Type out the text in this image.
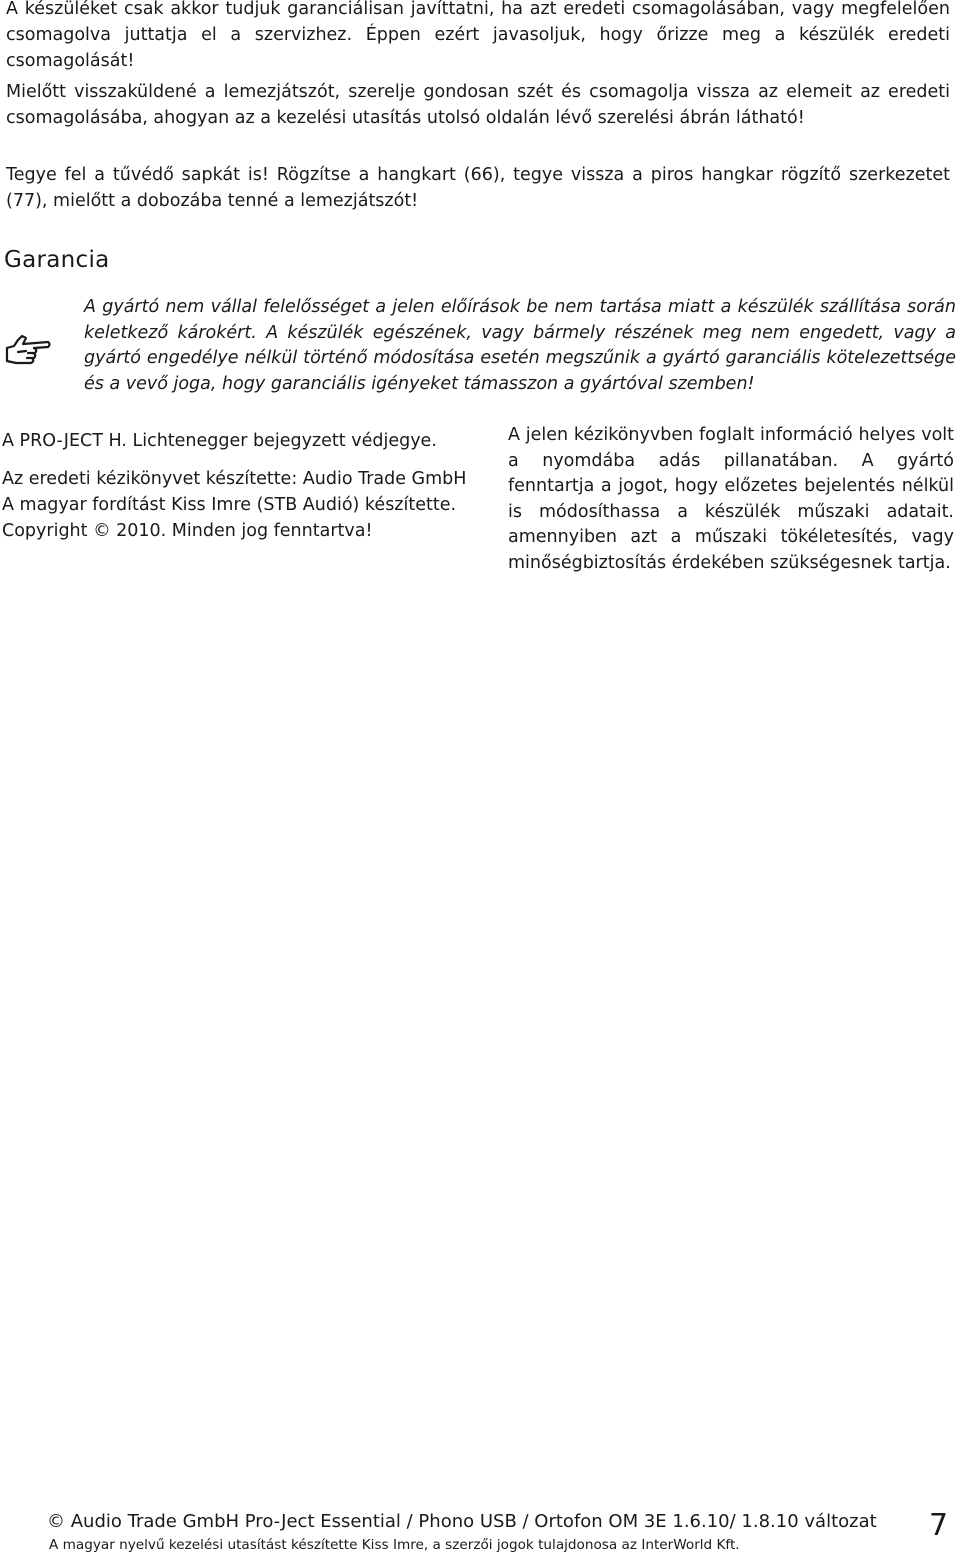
A készüléket csak akkor tudjuk garanciálisan javíttatni, ha azt eredeti csomagolásában, vagy megfelelően csomagolva juttatja el a szervizhez. Éppen ezért javasoljuk, hogy őrizze meg a készülék eredeti csomagolását!

Mielőtt visszaküldené a lemezjátszót, szerelje gondosan szét és csomagolja vissza az elemeit az eredeti csomagolásába, ahogyan az a kezelési utasítás utolsó oldalán lévő szerelési ábrán látható!

Tegye fel a tűvédő sapkát is! Rögzítse a hangkart (66), tegye vissza a piros hangkar rögzítő szerkezetet (77), mielőtt a dobozába tenné a lemezjátszót!

Garancia

A gyártó nem vállal felelősséget a jelen előírások be nem tartása miatt a készülék szállítása során keletkező károkért. A készülék egészének, vagy bármely részének meg nem engedett, vagy a gyártó engedélye nélkül történő módosítása esetén megszűnik a gyártó garanciális kötelezettsége és a vevő joga, hogy garanciális igényeket támasszon a gyártóval szemben!

A PRO-JECT H. Lichtenegger bejegyzett védjegye.

Az eredeti kézikönyvet készítette: Audio Trade GmbH

A magyar fordítást Kiss Imre (STB Audió) készítette.

Copyright © 2010. Minden jog fenntartva!

A jelen kézikönyvben foglalt információ helyes volt a nyomdába adás pillanatában. A gyártó fenntartja a jogot, hogy előzetes bejelentés nélkül is módosíthassa a készülék műszaki adatait. amennyiben azt a műszaki tökéletesítés, vagy minőségbiztosítás érdekében szükségesnek tartja.

© Audio Trade GmbH Pro-Ject Essential / Phono USB / Ortofon OM 3E 1.6.10/ 1.8.10 változat

A magyar nyelvű kezelési utasítást készítette Kiss Imre, a szerzői jogok tulajdonosa az InterWorld Kft.

7
